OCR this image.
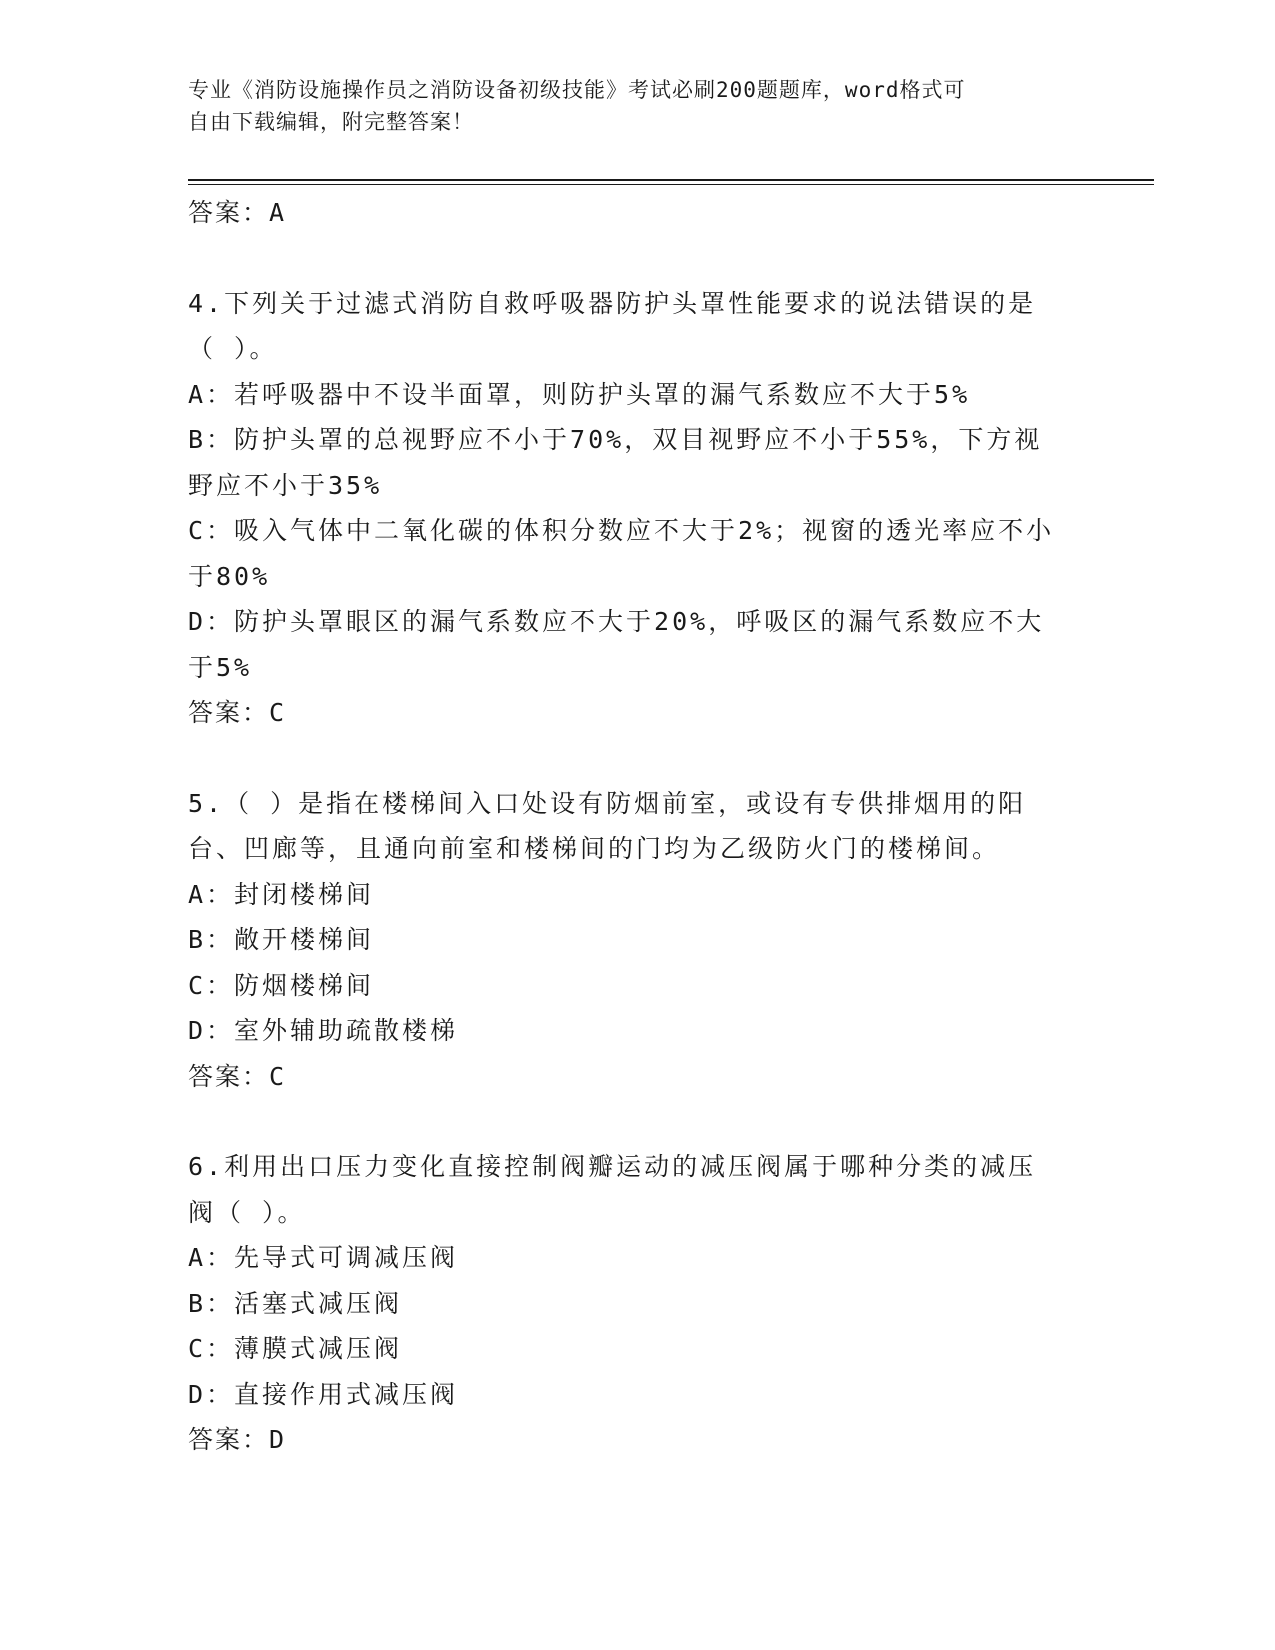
专业《消防设施操作员之消防设备初级技能》考试必刷200题题库，word格式可
自由下载编辑，附完整答案！
答案：A
4.下列关于过滤式消防自救呼吸器防护头罩性能要求的说法错误的是
（ ）。
A：若呼吸器中不设半面罩，则防护头罩的漏气系数应不大于5%
B：防护头罩的总视野应不小于70%，双目视野应不小于55%，下方视
野应不小于35%
C：吸入气体中二氧化碳的体积分数应不大于2%；视窗的透光率应不小
于80%
D：防护头罩眼区的漏气系数应不大于20%，呼吸区的漏气系数应不大
于5%
答案：C
5.（ ）是指在楼梯间入口处设有防烟前室，或设有专供排烟用的阳
台、凹廊等，且通向前室和楼梯间的门均为乙级防火门的楼梯间。
A：封闭楼梯间
B：敞开楼梯间
C：防烟楼梯间
D：室外辅助疏散楼梯
答案：C
6.利用出口压力变化直接控制阀瓣运动的减压阀属于哪种分类的减压
阀（ ）。
A：先导式可调减压阀
B：活塞式减压阀
C：薄膜式减压阀
D：直接作用式减压阀
答案：D
